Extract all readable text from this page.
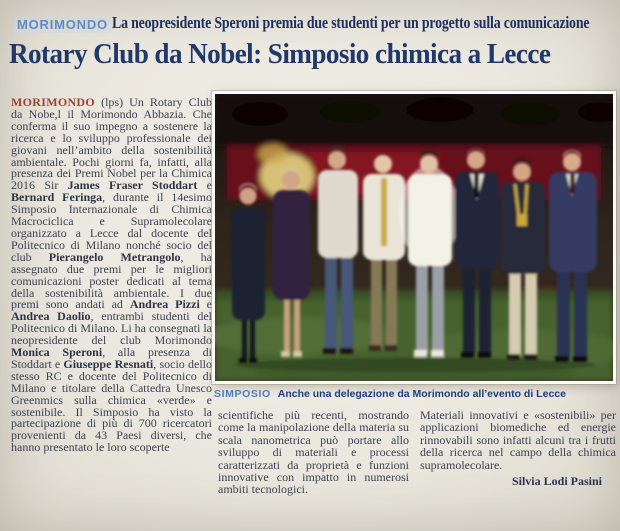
MORIMONDO La neopresidente Speroni premia due studenti per un progetto sulla comunicazione
Rotary Club da Nobel: Simposio chimica a Lecce

MORIMONDO (lps) Un Rotary Club da Nobe,l il Morimondo Abbazia. Che conferma il suo impegno a sostenere la ricerca e lo sviluppo professionale dei giovani nell’ambito della sostenibilità ambientale. Pochi giorni fa, infatti, alla presenza dei Premi Nobel per la Chimica 2016 Sir James Fraser Stoddart e Bernard Feringa, durante il 14esimo Simposio Internazionale di Chimica Macrociclica e Supramolecolare organizzato a Lecce dal docente del Politecnico di Milano nonché socio del club Pierangelo Metrangolo, ha assegnato due premi per le migliori comunicazioni poster dedicati al tema della sostenibilità ambientale. I due premi sono andati ad Andrea Pizzi e Andrea Daolio, entrambi studenti del Politecnico di Milano. Li ha consegnati la neopresidente del club Morimondo Monica Speroni, alla presenza di Stoddart e Giuseppe Resnati, socio dello stesso RC e docente del Politecnico di Milano e titolare della Cattedra Unesco Greenmics sulla chimica «verde» e sostenibile. Il Simposio ha visto la partecipazione di più di 700 ricercatori provenienti da 43 Paesi diversi, che hanno presentato le loro scoperte

SIMPOSIO Anche una delegazione da Morimondo all’evento di Lecce

scientifiche più recenti, mostrando come la manipolazione della materia su scala nanometrica può portare allo sviluppo di materiali e processi caratterizzati da proprietà e funzioni innovative con impatto in numerosi ambiti tecnologici.

Materiali innovativi e «sostenibili» per applicazioni biomediche ed energie rinnovabili sono infatti alcuni tra i frutti della ricerca nel campo della chimica supramolecolare.

Silvia Lodi Pasini
